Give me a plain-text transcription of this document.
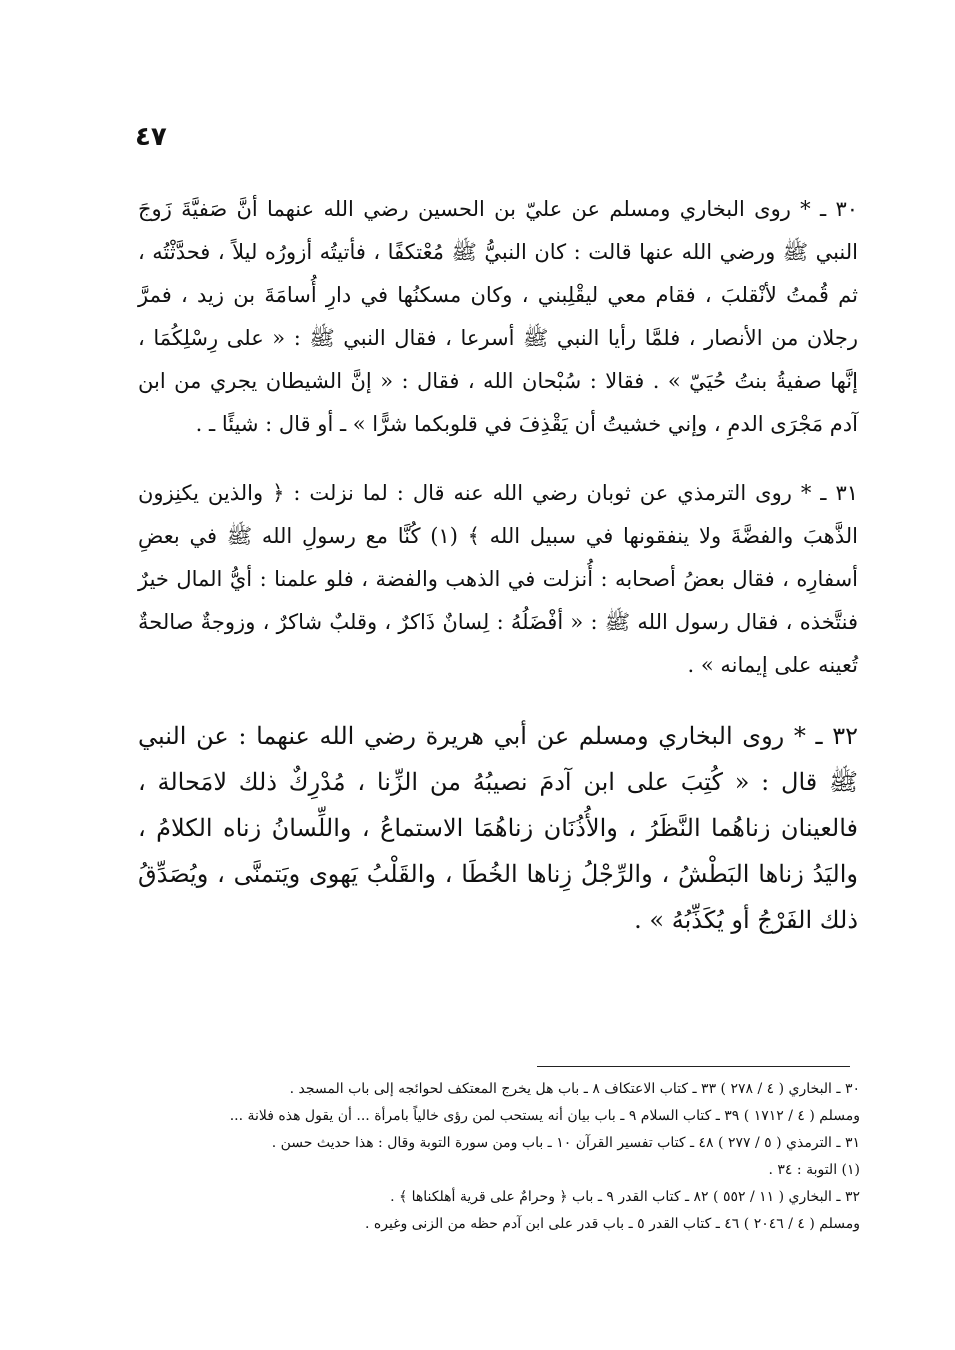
٤٧

٣٠ ـ * روى البخاري ومسلم عن عليّ بن الحسين رضي الله عنهما أنَّ صَفيَّةَ زَوجَ النبي ﷺ ورضي الله عنها قالت : كان النبيُّ ﷺ مُعْتكفًا ، فأتيتُه أزورُه ليلاً ، فحدَّثْتُه ، ثم قُمتُ لأنْقلبَ ، فقام معي ليقْلِبني ، وكان مسكنُها في دارِ أُسامَةَ بن زيد ، فمرَّ رجلان من الأنصار ، فلمَّا رأيا النبي ﷺ أسرعا ، فقال النبي ﷺ : « على رِسْلِكُمَا ، إنَّها صفيةُ بنتُ حُيَيّ » . فقالا : سُبْحان الله ، فقال : « إنَّ الشيطان يجري من ابن آدم مَجْرَى الدمِ ، وإني خشيتُ أن يَقْذِفَ في قلوبكما شرًّا » ـ أو قال : شيئًا ـ .

٣١ ـ * روى الترمذي عن ثوبان رضي الله عنه قال : لما نزلت : ﴿ والذين يكنِزون الذَّهبَ والفضَّةَ ولا ينفقونها في سبيل الله ﴾ (١) كُنَّا مع رسولِ الله ﷺ في بعضِ أسفارِه ، فقال بعضُ أصحابه : أُنزلت في الذهب والفضة ، فلو علمنا : أيُّ المال خيرٌ فنتَّخذه ، فقال رسول الله ﷺ : « أفْضَلُهُ : لِسانٌ ذَاكرٌ ، وقلبٌ شاكرٌ ، وزوجةٌ صالحةٌ تُعينه على إيمانه » .

٣٢ ـ * روى البخاري ومسلم عن أبي هريرة رضي الله عنهما : عن النبي ﷺ قال : « كُتِبَ على ابن آدمَ نصيبُهُ من الزِّنا ، مُدْرِكٌ ذلك لامَحالة ، فالعينان زناهُما النَّظَرُ ، والأُذُنَان زناهُمَا الاستماعُ ، واللِّسانُ زناه الكلامُ ، واليَدُ زناها البَطْشُ ، والرِّجْلُ زِناها الخُطَا ، والقَلْبُ يَهوى ويَتمنَّى ، ويُصَدِّقُ ذلك الفَرْجُ أو يُكَذِّبُهُ » .

٣٠ ـ البخاري ( ٤ / ٢٧٨ ) ٣٣ ـ كتاب الاعتكاف ٨ ـ باب هل يخرج المعتكف لحوائجه إلى باب المسجد .

ومسلم ( ٤ / ١٧١٢ ) ٣٩ ـ كتاب السلام ٩ ـ باب بيان أنه يستحب لمن رؤى خالياً بامرأة ... أن يقول هذه فلانة ...

٣١ ـ الترمذي ( ٥ / ٢٧٧ ) ٤٨ ـ كتاب تفسير القرآن ١٠ ـ باب ومن سورة التوبة وقال : هذا حديث حسن .

(١) التوبة : ٣٤ .

٣٢ ـ البخاري ( ١١ / ٥٥٢ ) ٨٢ ـ كتاب القدر ٩ ـ باب ﴿ وحرامٌ على قرية أهلكناها ﴾ .

ومسلم ( ٤ / ٢٠٤٦ ) ٤٦ ـ كتاب القدر ٥ ـ باب قدر على ابن آدم حظه من الزنى وغيره .
